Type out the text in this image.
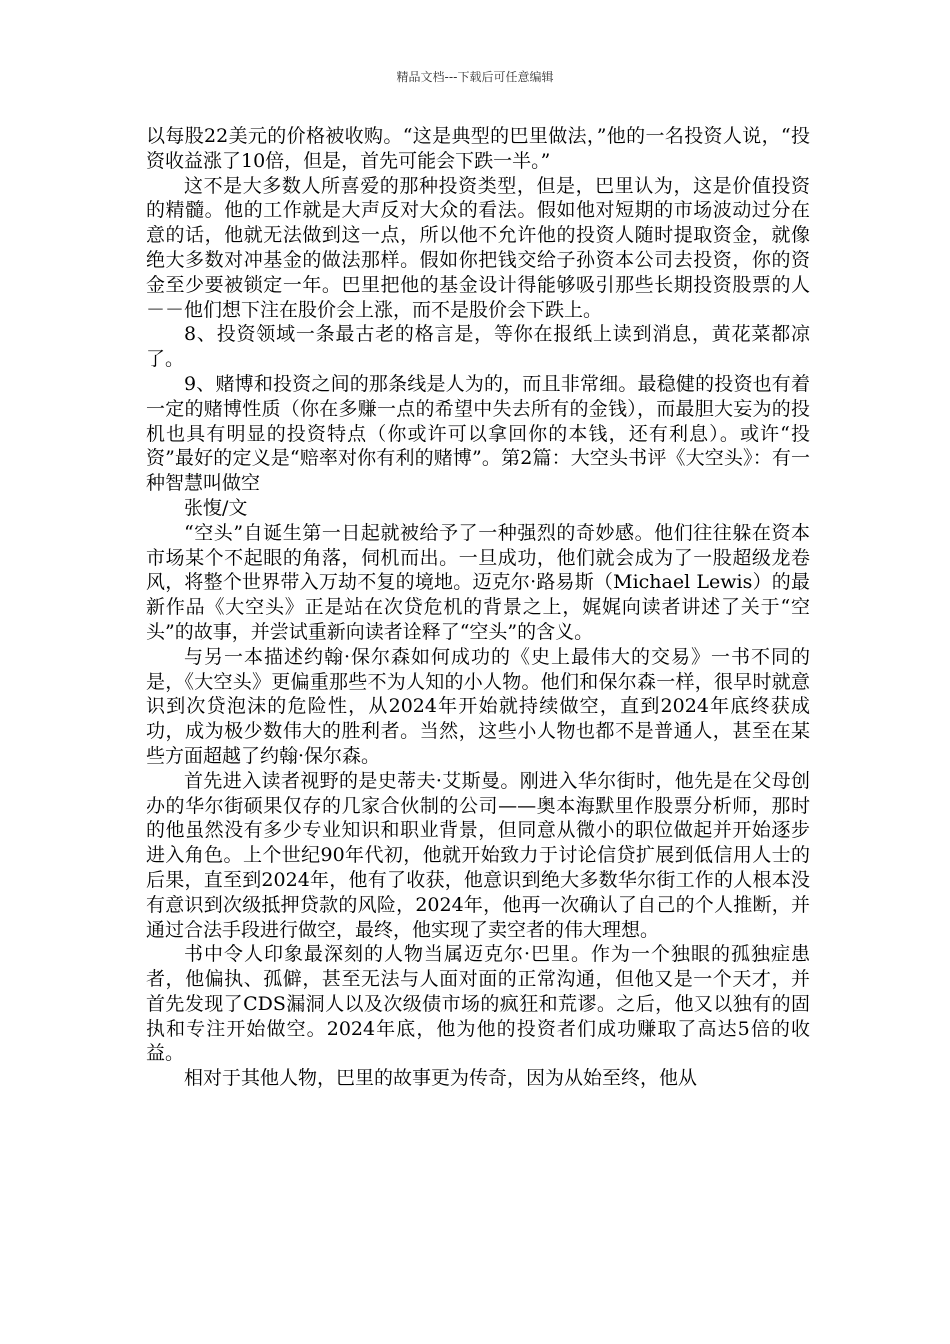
精品文档---下载后可任意编辑

以每股22美元的价格被收购。“这是典型的巴里做法，”他的一名投资人说，“投资收益涨了10倍，但是，首先可能会下跌一半。”

这不是大多数人所喜爱的那种投资类型，但是，巴里认为，这是价值投资的精髓。他的工作就是大声反对大众的看法。假如他对短期的市场波动过分在意的话，他就无法做到这一点，所以他不允许他的投资人随时提取资金，就像绝大多数对冲基金的做法那样。假如你把钱交给子孙资本公司去投资，你的资金至少要被锁定一年。巴里把他的基金设计得能够吸引那些长期投资股票的人－－他们想下注在股价会上涨，而不是股价会下跌上。

8、投资领域一条最古老的格言是，等你在报纸上读到消息，黄花菜都凉了。

9、赌博和投资之间的那条线是人为的，而且非常细。最稳健的投资也有着一定的赌博性质（你在多赚一点的希望中失去所有的金钱），而最胆大妄为的投机也具有明显的投资特点（你或许可以拿回你的本钱，还有利息）。或许“投资”最好的定义是“赔率对你有利的赌博”。第2篇：大空头书评《大空头》：有一种智慧叫做空

张愎/文

“空头”自诞生第一日起就被给予了一种强烈的奇妙感。他们往往躲在资本市场某个不起眼的角落，伺机而出。一旦成功，他们就会成为了一股超级龙卷风，将整个世界带入万劫不复的境地。迈克尔·路易斯（Michael Lewis）的最新作品《大空头》正是站在次贷危机的背景之上，娓娓向读者讲述了关于“空头”的故事，并尝试重新向读者诠释了“空头”的含义。

与另一本描述约翰·保尔森如何成功的《史上最伟大的交易》一书不同的是，《大空头》更偏重那些不为人知的小人物。他们和保尔森一样，很早时就意识到次贷泡沫的危险性，从2024年开始就持续做空，直到2024年底终获成功，成为极少数伟大的胜利者。当然，这些小人物也都不是普通人，甚至在某些方面超越了约翰·保尔森。

首先进入读者视野的是史蒂夫·艾斯曼。刚进入华尔街时，他先是在父母创办的华尔街硕果仅存的几家合伙制的公司——奥本海默里作股票分析师，那时的他虽然没有多少专业知识和职业背景，但同意从微小的职位做起并开始逐步进入角色。上个世纪90年代初，他就开始致力于讨论信贷扩展到低信用人士的后果，直至到2024年，他有了收获，他意识到绝大多数华尔街工作的人根本没有意识到次级抵押贷款的风险，2024年，他再一次确认了自己的个人推断，并通过合法手段进行做空，最终，他实现了卖空者的伟大理想。

书中令人印象最深刻的人物当属迈克尔·巴里。作为一个独眼的孤独症患者，他偏执、孤僻，甚至无法与人面对面的正常沟通，但他又是一个天才，并首先发现了CDS漏洞人以及次级债市场的疯狂和荒谬。之后，他又以独有的固执和专注开始做空。2024年底，他为他的投资者们成功赚取了高达5倍的收益。

相对于其他人物，巴里的故事更为传奇，因为从始至终，他从
